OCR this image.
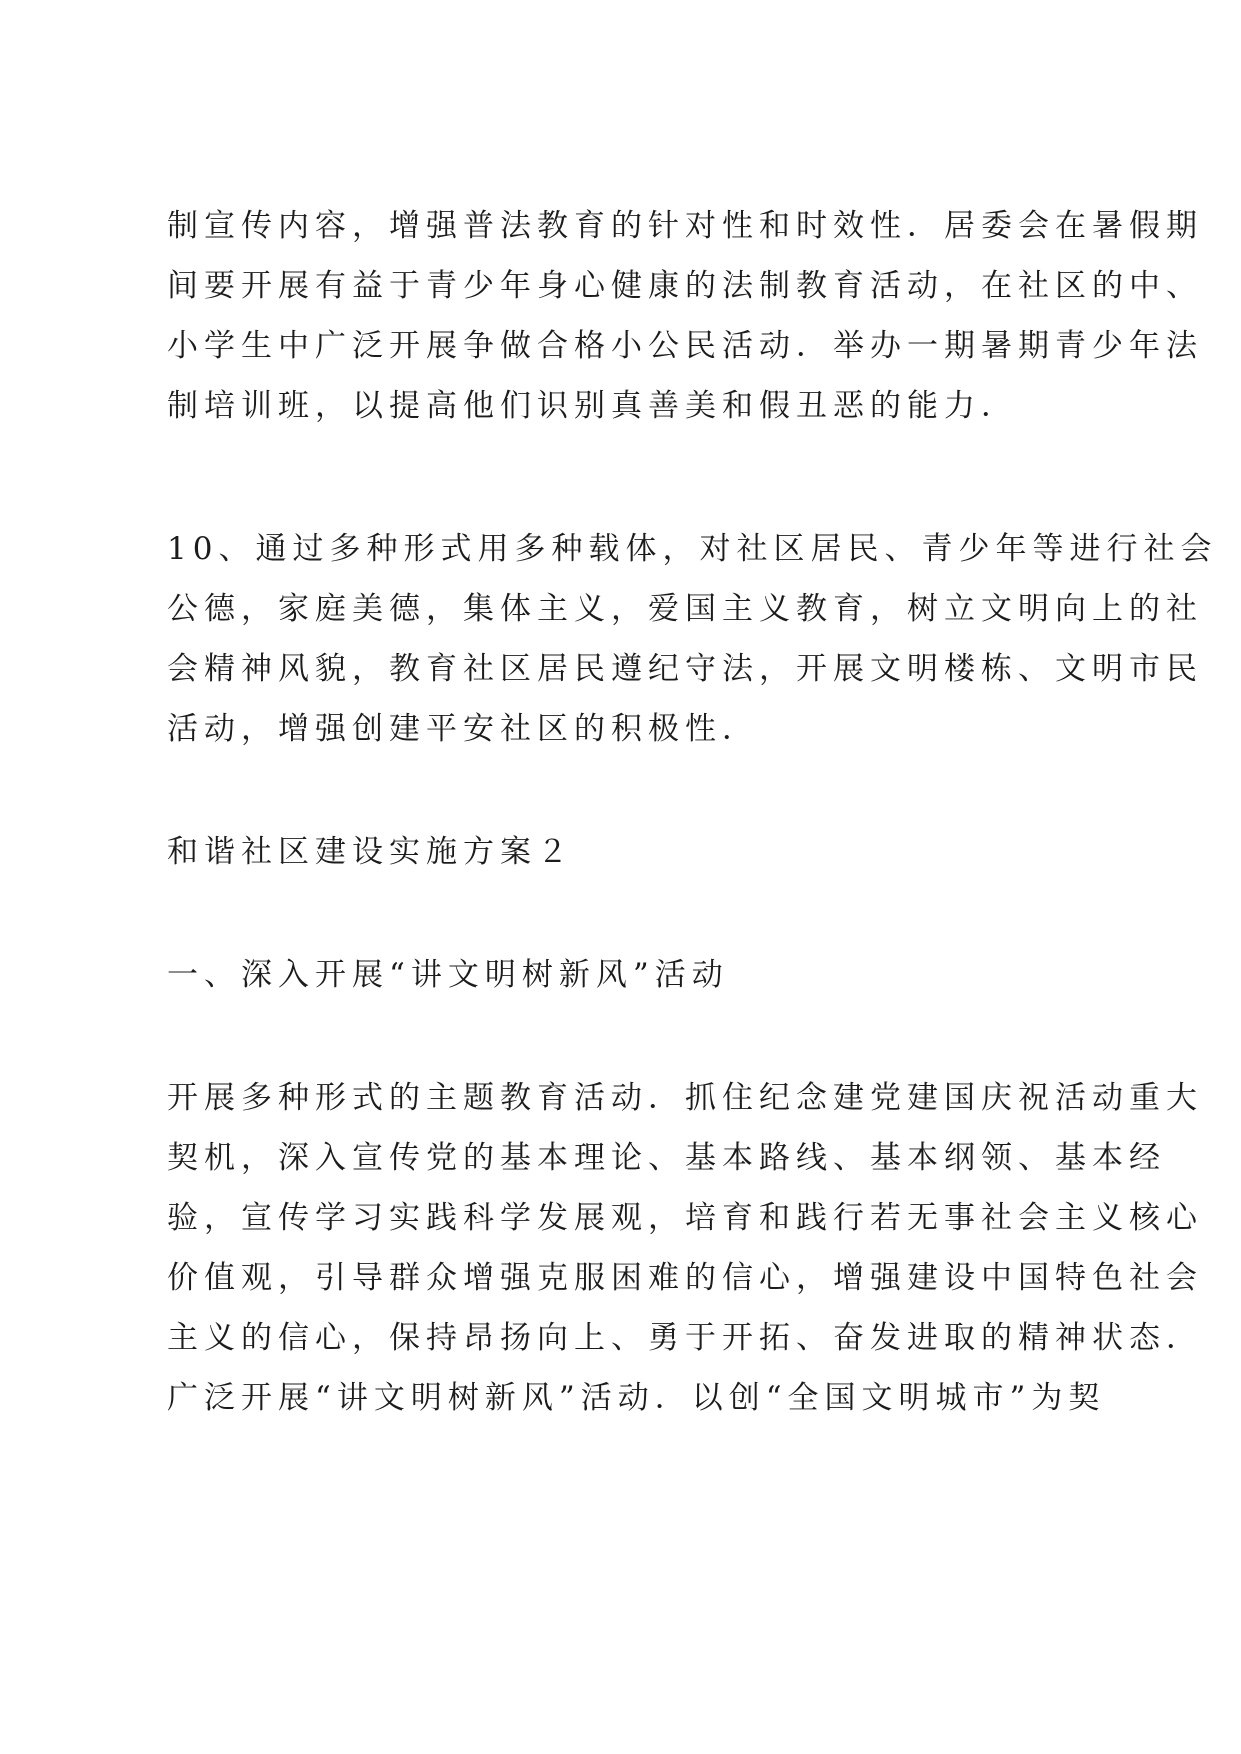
制宣传内容，增强普法教育的针对性和时效性．居委会在暑假期
间要开展有益于青少年身心健康的法制教育活动，在社区的中、
小学生中广泛开展争做合格小公民活动．举办一期暑期青少年法
制培训班，以提高他们识别真善美和假丑恶的能力．
10、通过多种形式用多种载体，对社区居民、青少年等进行社会
公德，家庭美德，集体主义，爱国主义教育，树立文明向上的社
会精神风貌，教育社区居民遵纪守法，开展文明楼栋、文明市民
活动，增强创建平安社区的积极性．
和谐社区建设实施方案２
一、深入开展“讲文明树新风”活动
开展多种形式的主题教育活动．抓住纪念建党建国庆祝活动重大
契机，深入宣传党的基本理论、基本路线、基本纲领、基本经
验，宣传学习实践科学发展观，培育和践行若无事社会主义核心
价值观，引导群众增强克服困难的信心，增强建设中国特色社会
主义的信心，保持昂扬向上、勇于开拓、奋发进取的精神状态．
广泛开展“讲文明树新风”活动．以创“全国文明城市”为契
